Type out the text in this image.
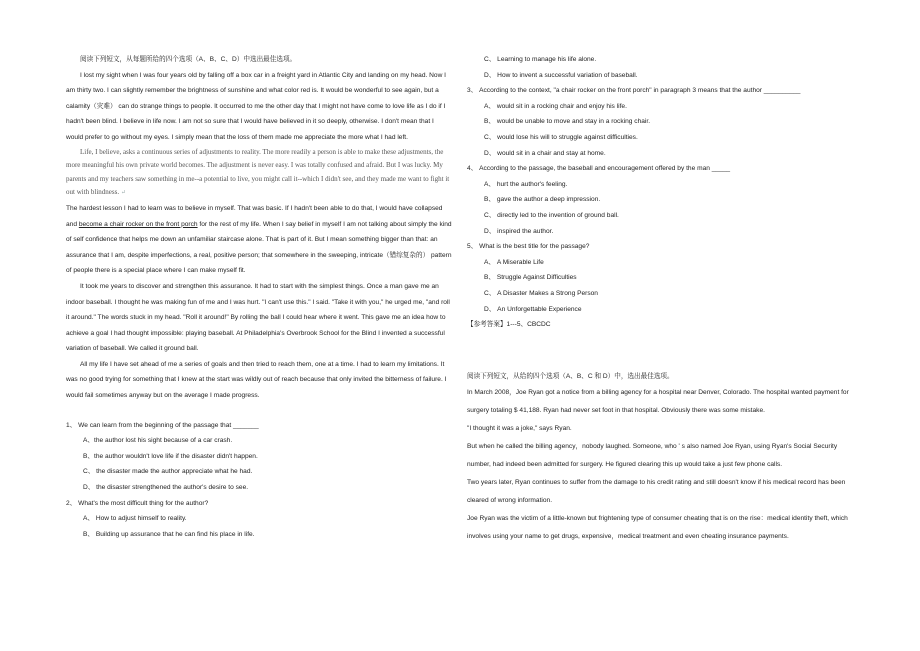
阅读下列短文，从每题所给的四个选项（A、B、C、D）中选出最佳选项。

I lost my sight when I was four years old by falling off a box car in a freight yard in Atlantic City and landing on my head. Now I am thirty two. I can slightly remember the brightness of sunshine and what color red is. It would be wonderful to see again, but a calamity（灾难） can do strange things to people. It occurred to me the other day that I might not have come to love life as I do if I hadn't been blind. I believe in life now. I am not so sure that I would have believed in it so deeply, otherwise. I don't mean that I would prefer to go without my eyes. I simply mean that the loss of them made me appreciate the more what I had left.

Life, I believe, asks a continuous series of adjustments to reality. The more readily a person is able to make these adjustments, the more meaningful his own private world becomes. The adjustment is never easy. I was totally confused and afraid. But I was lucky. My parents and my teachers saw something in me--a potential to live, you might call it--which I didn't see, and they made me want to fight it out with blindness. ↵

The hardest lesson I had to learn was to believe in myself. That was basic. If I hadn't been able to do that, I would have collapsed and become a chair rocker on the front porch for the rest of my life. When I say belief in myself I am not talking about simply the kind of self confidence that helps me down an unfamiliar staircase alone. That is part of it. But I mean something bigger than that: an assurance that I am, despite imperfections, a real, positive person; that somewhere in the sweeping, intricate（错综复杂的） pattern of people there is a special place where I can make myself fit.

It took me years to discover and strengthen this assurance. It had to start with the simplest things. Once a man gave me an indoor baseball. I thought he was making fun of me and I was hurt. "I can't use this." I said. "Take it with you," he urged me, "and roll it around." The words stuck in my head. "Roll it around!" By rolling the ball I could hear where it went. This gave me an idea how to achieve a goal I had thought impossible: playing baseball. At Philadelphia's Overbrook School for the Blind I invented a successful variation of baseball. We called it ground ball.

All my life I have set ahead of me a series of goals and then tried to reach them, one at a time. I had to learn my limitations. It was no good trying for something that I knew at the start was wildly out of reach because that only invited the bitterness of failure. I would fail sometimes anyway but on the average I made progress.

1、 We can learn from the beginning of the passage that _______

A、the author lost his sight because of a car crash.

B、the author wouldn't love life if the disaster didn't happen.

C、 the disaster made the author appreciate what he had.

D、 the disaster strengthened the author's desire to see.

2、 What's the most difficult thing for the author?

A、 How to adjust himself to reality.

B、 Building up assurance that he can find his place in life.

C、 Learning to manage his life alone.

D、 How to invent a successful variation of baseball.

3、 According to the context, "a chair rocker on the front porch" in paragraph 3 means that the author __________

A、 would sit in a rocking chair and enjoy his life.

B、 would be unable to move and stay in a rocking chair.

C、 would lose his will to struggle against difficulties.

D、 would sit in a chair and stay at home.

4、 According to the passage, the baseball and encouragement offered by the man _____

A、 hurt the author's feeling.

B、 gave the author a deep impression.

C、 directly led to the invention of ground ball.

D、 inspired the author.

5、 What is the best title for the passage?

A、 A Miserable Life

B、 Struggle Against Difficulties

C、 A Disaster Makes a Strong Person

D、 An Unforgettable Experience

【参考答案】1---5、CBCDC

阅读下列短文，从给的四个选项（A、B、C 和 D）中，选出最佳选项。

In March 2008，Joe Ryan got a notice from a billing agency for a hospital near Denver, Colorado. The hospital wanted payment for surgery totaling $ 41,188. Ryan had never set foot in that hospital. Obviously there was some mistake.

"I thought it was a joke," says Ryan.

But when he called the billing agency，nobody laughed. Someone, who ' s also named Joe Ryan, using Ryan's Social Security number, had indeed been admitted for surgery. He figured clearing this up would take a just few phone calls.

Two years later, Ryan continues to suffer from the damage to his credit rating and still doesn't know if his medical record has been cleared of wrong information.

Joe Ryan was the victim of a little-known but frightening type of consumer cheating that is on the rise：medical identity theft, which involves using your name to get drugs, expensive，medical treatment and even cheating insurance payments.
